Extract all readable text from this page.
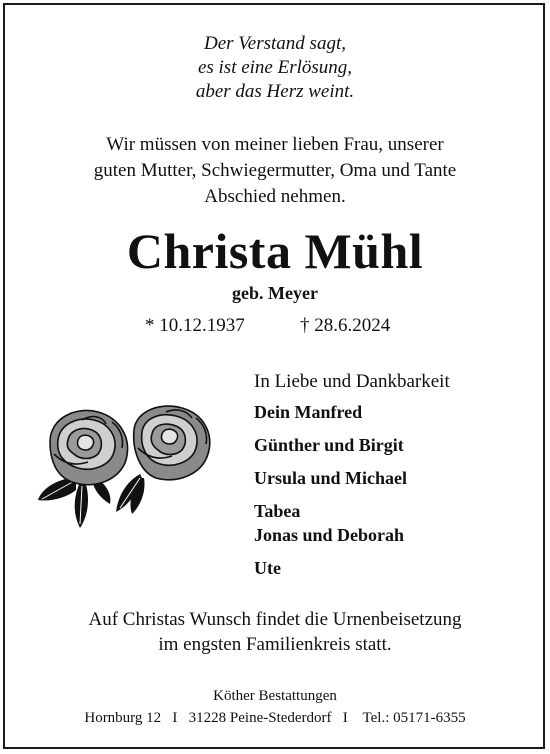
Der Verstand sagt,
es ist eine Erlösung,
aber das Herz weint.
Wir müssen von meiner lieben Frau, unserer
guten Mutter, Schwiegermutter, Oma und Tante
Abschied nehmen.
Christa Mühl
geb. Meyer
* 10.12.1937	† 28.6.2024
In Liebe und Dankbarkeit
Dein Manfred
Günther und Birgit
Ursula und Michael
Tabea
Jonas und Deborah
Ute
Auf Christas Wunsch findet die Urnenbeisetzung
im engsten Familienkreis statt.
Köther Bestattungen
Hornburg 12   I   31228 Peine-Stederdorf   I    Tel.: 05171-6355
